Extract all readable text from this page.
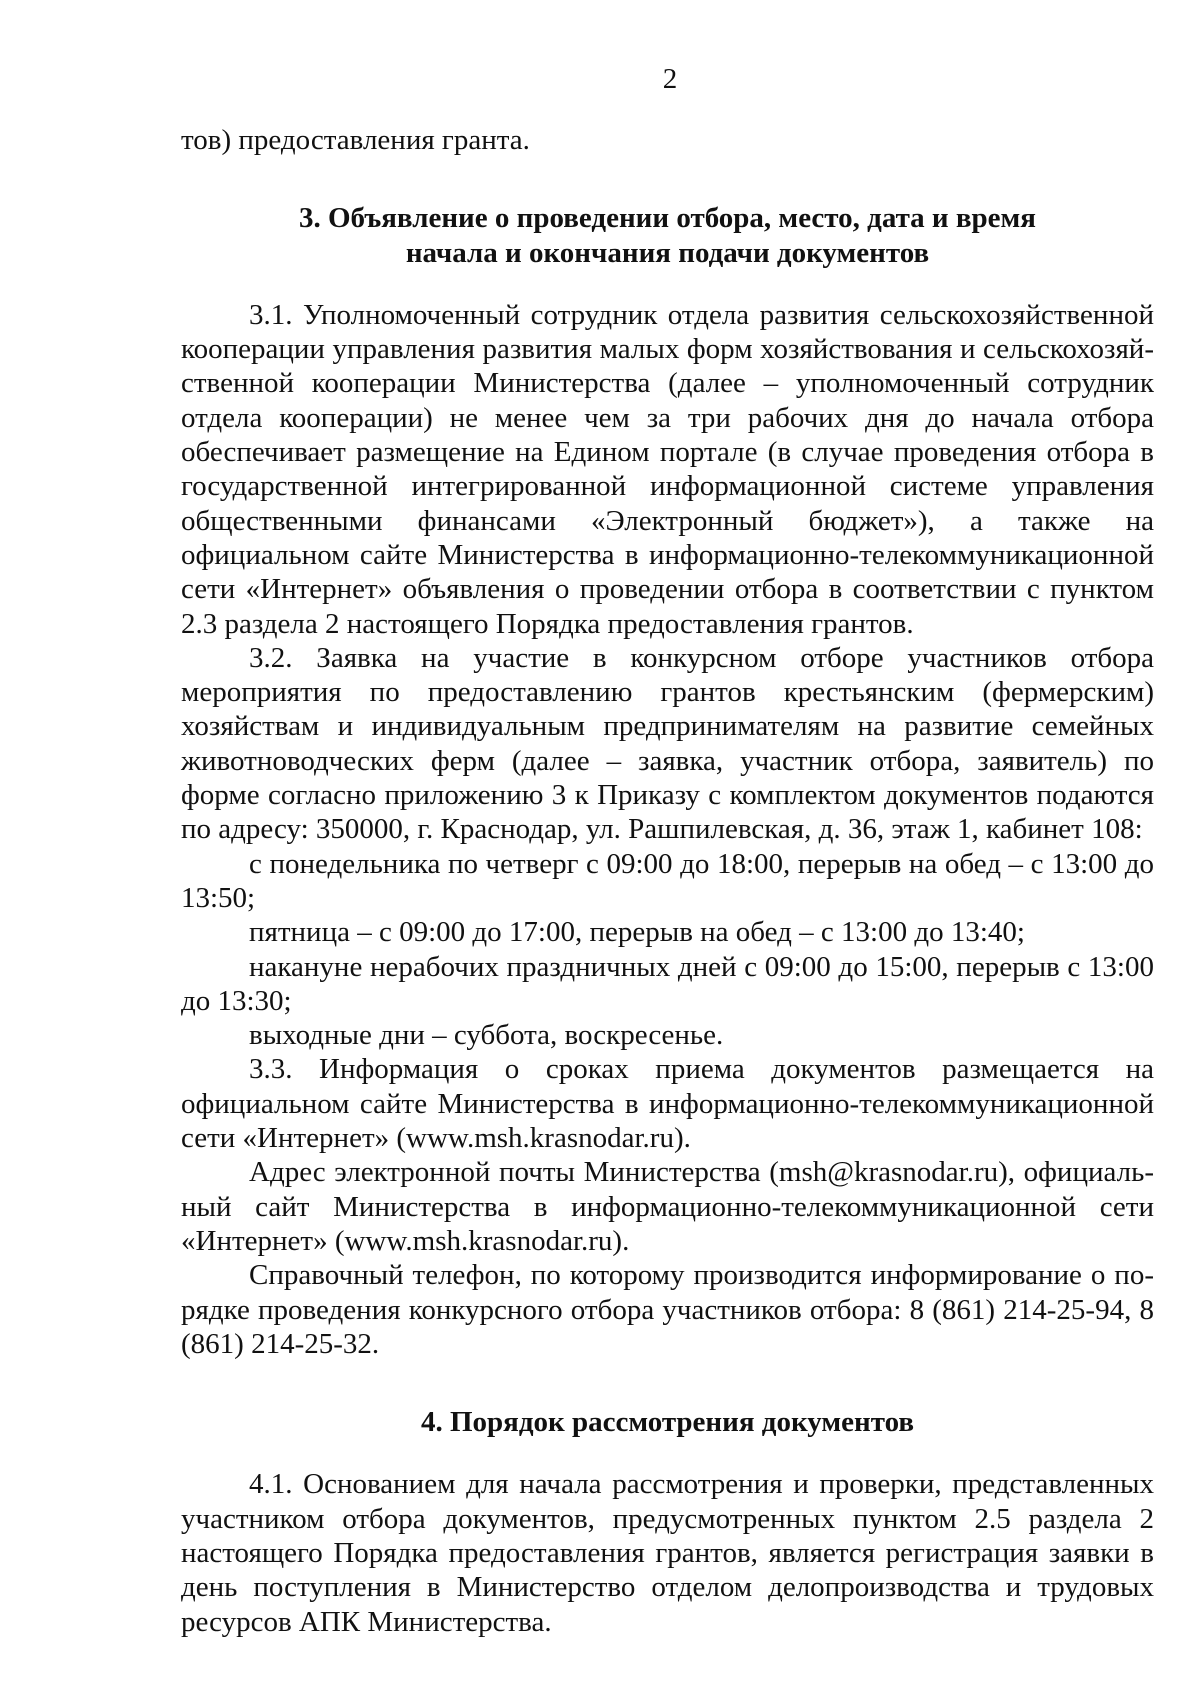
2

тов) предоставления гранта.

3. Объявление о проведении отбора, место, дата и время

начала и окончания подачи документов

3.1. Уполномоченный сотрудник отдела развития сельскохозяйственной кооперации управления развития малых форм хозяйствования и сельскохозяйственной кооперации Министерства (далее – уполномоченный сотрудник отдела кооперации) не менее чем за три рабочих дня до начала отбора обеспечивает размещение на Едином портале (в случае проведения отбора в государственной интегрированной информационной системе управления общественными финансами «Электронный бюджет»), а также на официальном сайте Министерства в информационно-телекоммуникационной сети «Интернет» объявления о проведении отбора в соответствии с пунктом 2.3 раздела 2 настоящего Порядка предоставления грантов.

3.2. Заявка на участие в конкурсном отборе участников отбора мероприятия по предоставлению грантов крестьянским (фермерским) хозяйствам и индивидуальным предпринимателям на развитие семейных животноводческих ферм (далее – заявка, участник отбора, заявитель) по форме согласно приложению 3 к Приказу с комплектом документов подаются по адресу: 350000, г. Краснодар, ул. Рашпилевская, д. 36, этаж 1, кабинет 108:

с понедельника по четверг с 09:00 до 18:00, перерыв на обед – с 13:00 до 13:50;

пятница – с 09:00 до 17:00, перерыв на обед – с 13:00 до 13:40;

накануне нерабочих праздничных дней с 09:00 до 15:00, перерыв с 13:00 до 13:30;

выходные дни – суббота, воскресенье.

3.3. Информация о сроках приема документов размещается на официальном сайте Министерства в информационно-телекоммуникационной сети «Интернет» (www.msh.krasnodar.ru).

Адрес электронной почты Министерства (msh@krasnodar.ru), официальный сайт Министерства в информационно-телекоммуникационной сети «Интернет» (www.msh.krasnodar.ru).

Справочный телефон, по которому производится информирование о порядке проведения конкурсного отбора участников отбора: 8 (861) 214-25-94, 8 (861) 214-25-32.

4. Порядок рассмотрения документов

4.1. Основанием для начала рассмотрения и проверки, представленных участником отбора документов, предусмотренных пунктом 2.5 раздела 2 настоящего Порядка предоставления грантов, является регистрация заявки в день поступления в Министерство отделом делопроизводства и трудовых ресурсов АПК Министерства.
